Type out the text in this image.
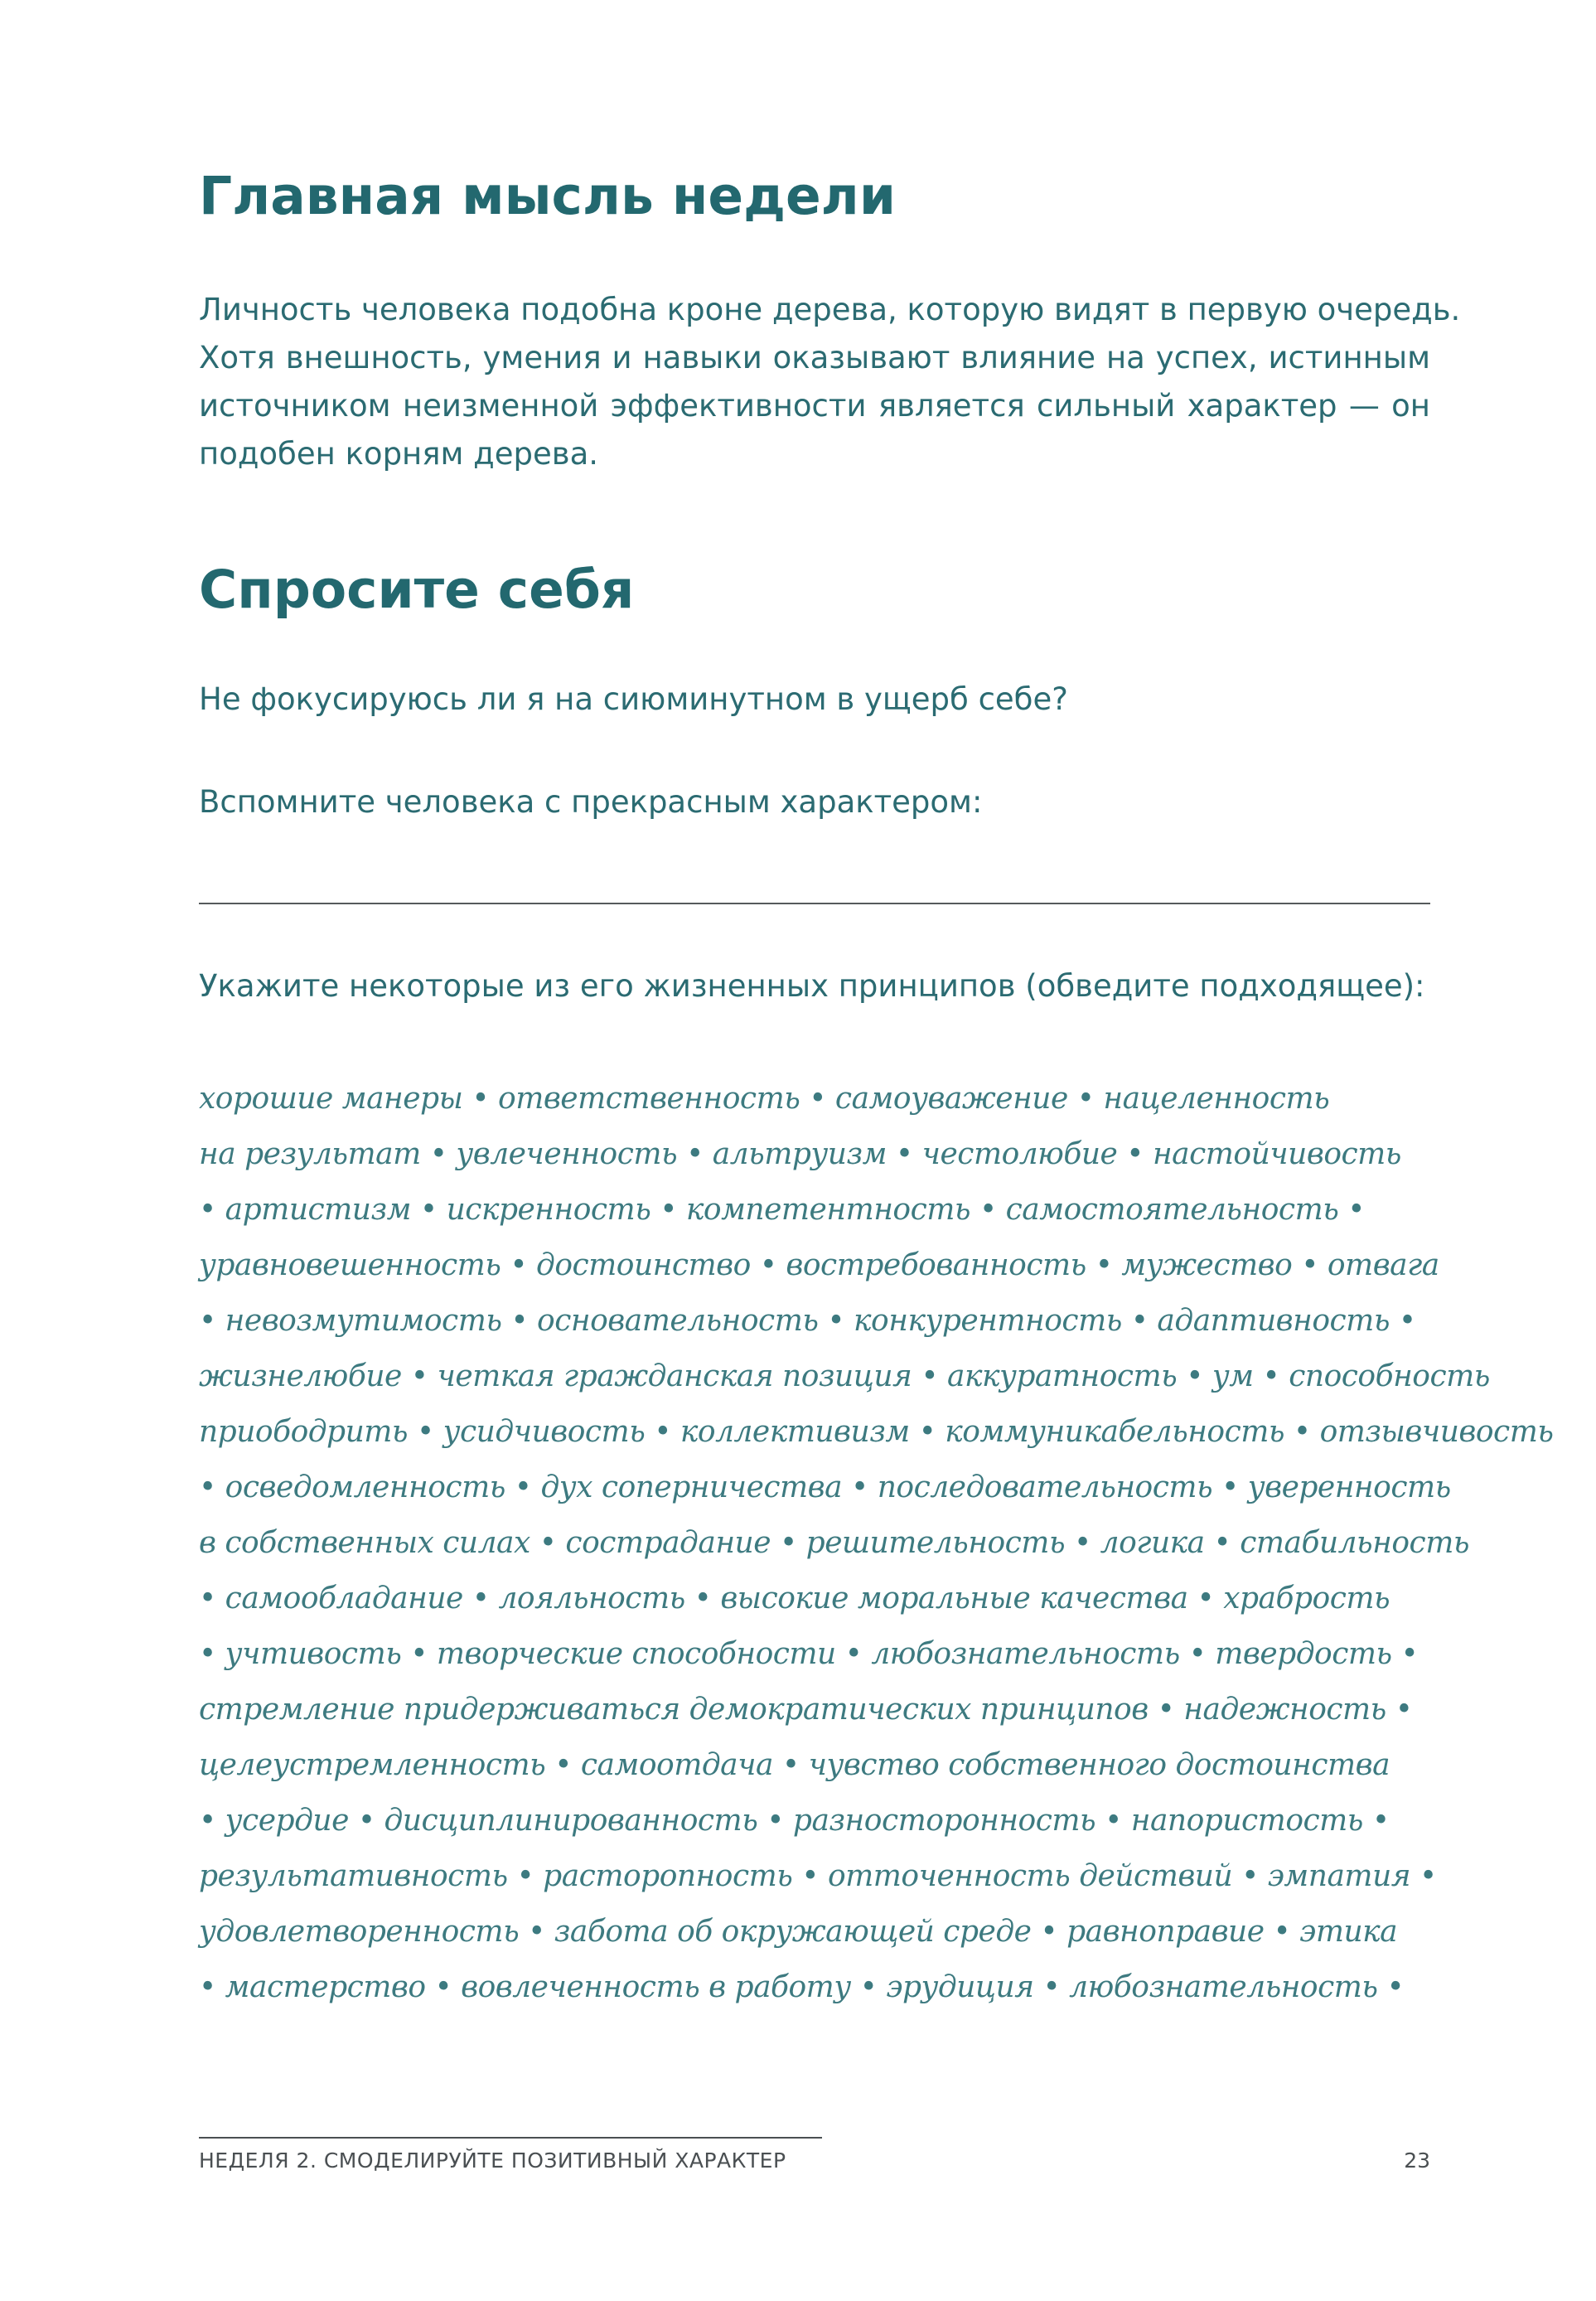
Главная мысль недели
Личность человека подобна кроне дерева, которую видят в первую очередь.
Хотя внешность, умения и навыки оказывают влияние на успех, истинным
источником неизменной эффективности является сильный характер — он
подобен корням дерева.
Спросите себя

Не фокусируюсь ли я на сиюминутном в ущерб себе?

Вспомните человека с прекрасным характером:

Укажите некоторые из его жизненных принципов (обведите подходящее):

хорошие манеры • ответственность • самоуважение • нацеленность
на результат • увлеченность • альтруизм • честолюбие • настойчивость
• артистизм • искренность • компетентность • самостоятельность •
уравновешенность • достоинство • востребованность • мужество • отвага
• невозмутимость • основательность • конкурентность • адаптивность •
жизнелюбие • четкая гражданская позиция • аккуратность • ум • способность
приободрить • усидчивость • коллективизм • коммуникабельность • отзывчивость
• осведомленность • дух соперничества • последовательность • уверенность
в собственных силах • сострадание • решительность • логика • стабильность
• самообладание • лояльность • высокие моральные качества • храбрость
• учтивость • творческие способности • любознательность • твердость •
стремление придерживаться демократических принципов • надежность •
целеустремленность • самоотдача • чувство собственного достоинства
• усердие • дисциплинированность • разносторонность • напористость •
результативность • расторопность • отточенность действий • эмпатия •
удовлетворенность • забота об окружающей среде • равноправие • этика
• мастерство • вовлеченность в работу • эрудиция • любознательность •
НЕДЕЛЯ 2. СМОДЕЛИРУЙТЕ ПОЗИТИВНЫЙ ХАРАКТЕР	23
